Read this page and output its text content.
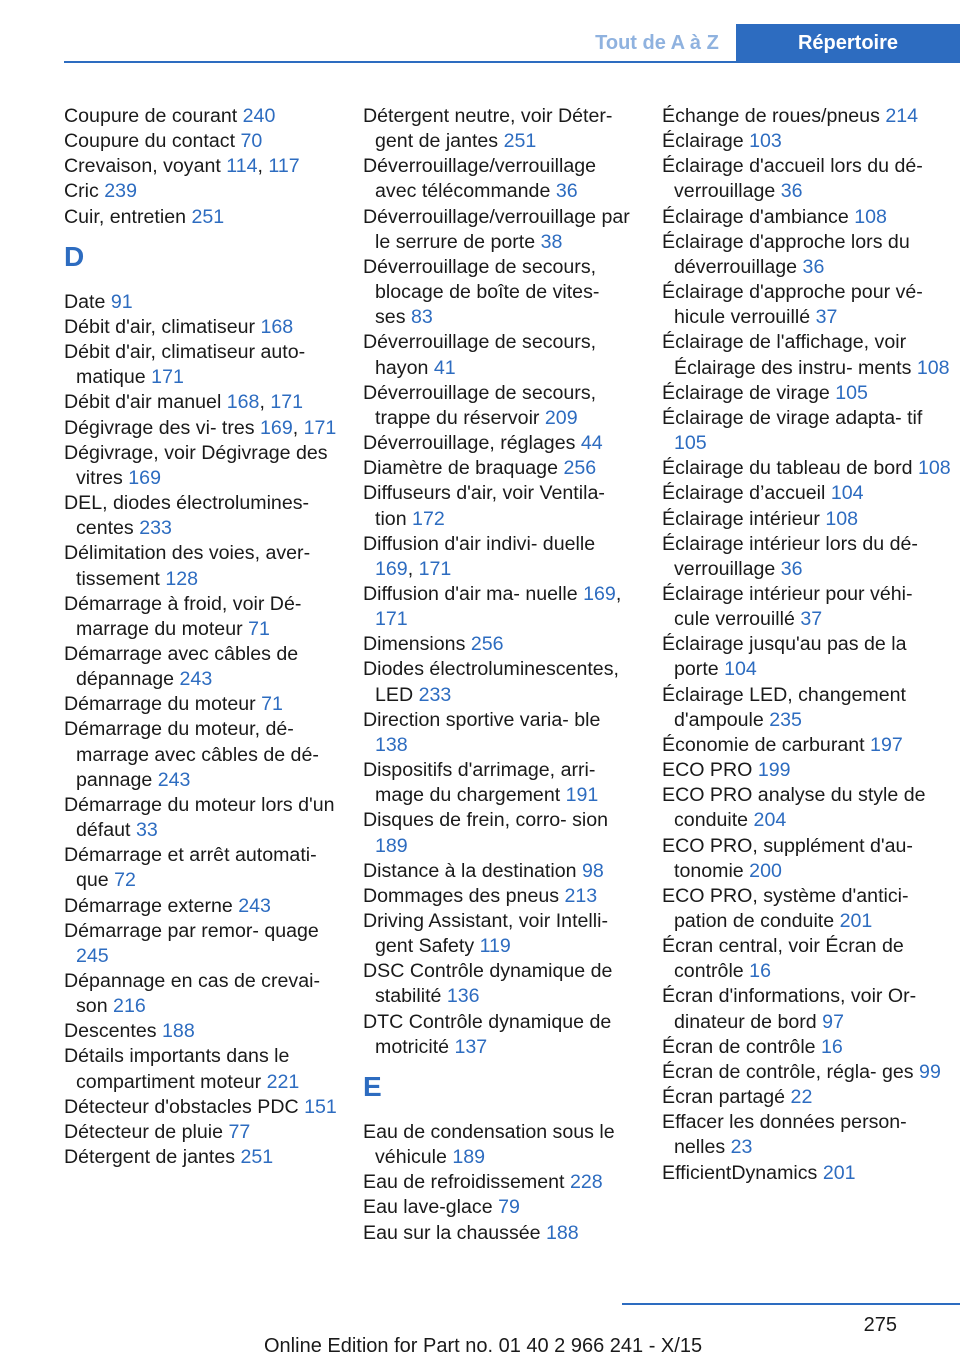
Tout de A à Z	Répertoire

Coupure de courant 240

Coupure du contact 70

Crevaison, voyant 114, 117

Cric 239

Cuir, entretien 251

D

Date 91

Débit d'air, climatiseur 168

Débit d'air, climatiseur auto‐ matique 171

Débit d'air manuel 168, 171

Dégivrage des vi‐ tres 169, 171

Dégivrage, voir Dégivrage des vitres 169

DEL, diodes électrolumines‐ centes 233

Délimitation des voies, aver‐ tissement 128

Démarrage à froid, voir Dé‐ marrage du moteur 71

Démarrage avec câbles de dépannage 243

Démarrage du moteur 71

Démarrage du moteur, dé‐ marrage avec câbles de dé‐ pannage 243

Démarrage du moteur lors d'un défaut 33

Démarrage et arrêt automati‐ que 72

Démarrage externe 243

Démarrage par remor‐ quage 245

Dépannage en cas de crevai‐ son 216

Descentes 188

Détails importants dans le compartiment moteur 221

Détecteur d'obstacles PDC 151

Détecteur de pluie 77

Détergent de jantes 251

Détergent neutre, voir Déter‐ gent de jantes 251

Déverrouillage/verrouillage avec télécommande 36

Déverrouillage/verrouillage par le serrure de porte 38

Déverrouillage de secours, blocage de boîte de vites‐ ses 83

Déverrouillage de secours, hayon 41

Déverrouillage de secours, trappe du réservoir 209

Déverrouillage, réglages 44

Diamètre de braquage 256

Diffuseurs d'air, voir Ventila‐ tion 172

Diffusion d'air indivi‐ duelle 169, 171

Diffusion d'air ma‐ nuelle 169, 171

Dimensions 256

Diodes électroluminescentes, LED 233

Direction sportive varia‐ ble 138

Dispositifs d'arrimage, arri‐ mage du chargement 191

Disques de frein, corro‐ sion 189

Distance à la destination 98

Dommages des pneus 213

Driving Assistant, voir Intelli‐ gent Safety 119

DSC Contrôle dynamique de stabilité 136

DTC Contrôle dynamique de motricité 137

E

Eau de condensation sous le véhicule 189

Eau de refroidissement 228

Eau lave-glace 79

Eau sur la chaussée 188

Échange de roues/pneus 214

Éclairage 103

Éclairage d'accueil lors du dé‐ verrouillage 36

Éclairage d'ambiance 108

Éclairage d'approche lors du déverrouillage 36

Éclairage d'approche pour vé‐ hicule verrouillé 37

Éclairage de l'affichage, voir Éclairage des instru‐ ments 108

Éclairage de virage 105

Éclairage de virage adapta‐ tif 105

Éclairage du tableau de bord 108

Éclairage d’accueil 104

Éclairage intérieur 108

Éclairage intérieur lors du dé‐ verrouillage 36

Éclairage intérieur pour véhi‐ cule verrouillé 37

Éclairage jusqu'au pas de la porte 104

Éclairage LED, changement d'ampoule 235

Économie de carburant 197

ECO PRO 199

ECO PRO analyse du style de conduite 204

ECO PRO, supplément d'au‐ tonomie 200

ECO PRO, système d'antici‐ pation de conduite 201

Écran central, voir Écran de contrôle 16

Écran d'informations, voir Or‐ dinateur de bord 97

Écran de contrôle 16

Écran de contrôle, régla‐ ges 99

Écran partagé 22

Effacer les données person‐ nelles 23

EfficientDynamics 201

275
Online Edition for Part no. 01 40 2 966 241 - X/15
